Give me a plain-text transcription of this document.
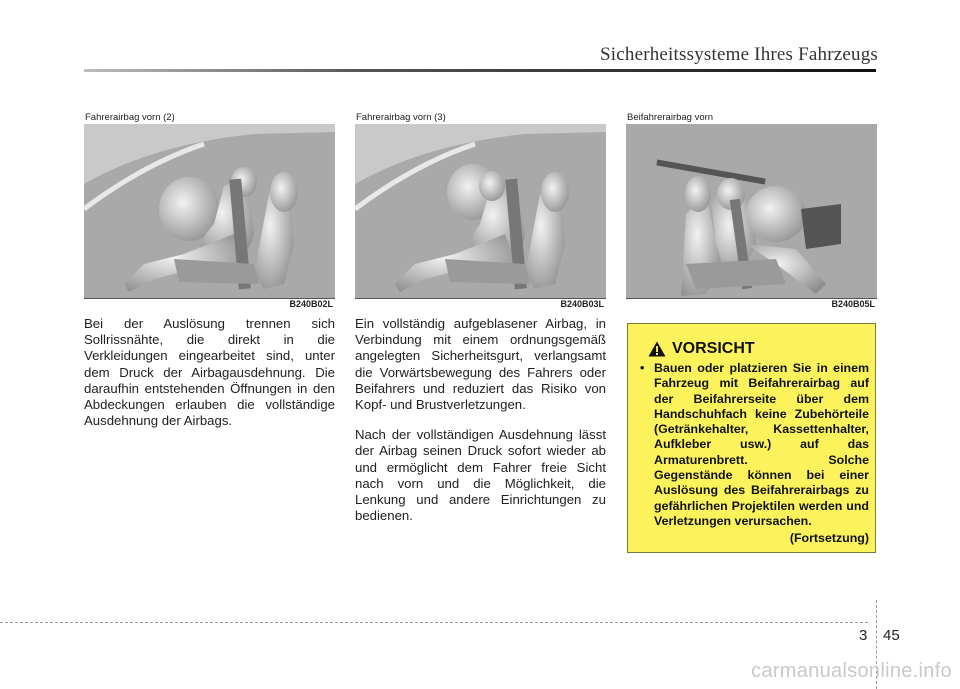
Sicherheitssysteme Ihres Fahrzeugs
Fahrerairbag vorn (2)
B240B02L
Fahrerairbag vorn (3)
B240B03L
Beifahrerairbag vorn
B240B05L

Bei der Auslösung trennen sich Sollrissnähte, die direkt in die Verkleidungen eingearbeitet sind, unter dem Druck der Airbagausdehnung. Die daraufhin entstehenden Öffnungen in den Abdeckungen erlauben die vollständige Ausdehnung der Airbags.

Ein vollständig aufgeblasener Airbag, in Verbindung mit einem ordnungsgemäß angelegten Sicherheitsgurt, verlangsamt die Vorwärtsbewegung des Fahrers oder Beifahrers und reduziert das Risiko von Kopf- und Brustverletzungen.

Nach der vollständigen Ausdehnung lässt der Airbag seinen Druck sofort wieder ab und ermöglicht dem Fahrer freie Sicht nach vorn und die Möglichkeit, die Lenkung und andere Einrichtungen zu bedienen.

VORSICHT
• Bauen oder platzieren Sie in einem Fahrzeug mit Beifahrerairbag auf der Beifahrerseite über dem Handschuhfach keine Zubehörteile (Getränkehalter, Kassettenhalter, Aufkleber usw.) auf das Armaturenbrett. Solche Gegenstände können bei einer Auslösung des Beifahrerairbags zu gefährlichen Projektilen werden und Verletzungen verursachen.
(Fortsetzung)
3 45
carmanualsonline.info
